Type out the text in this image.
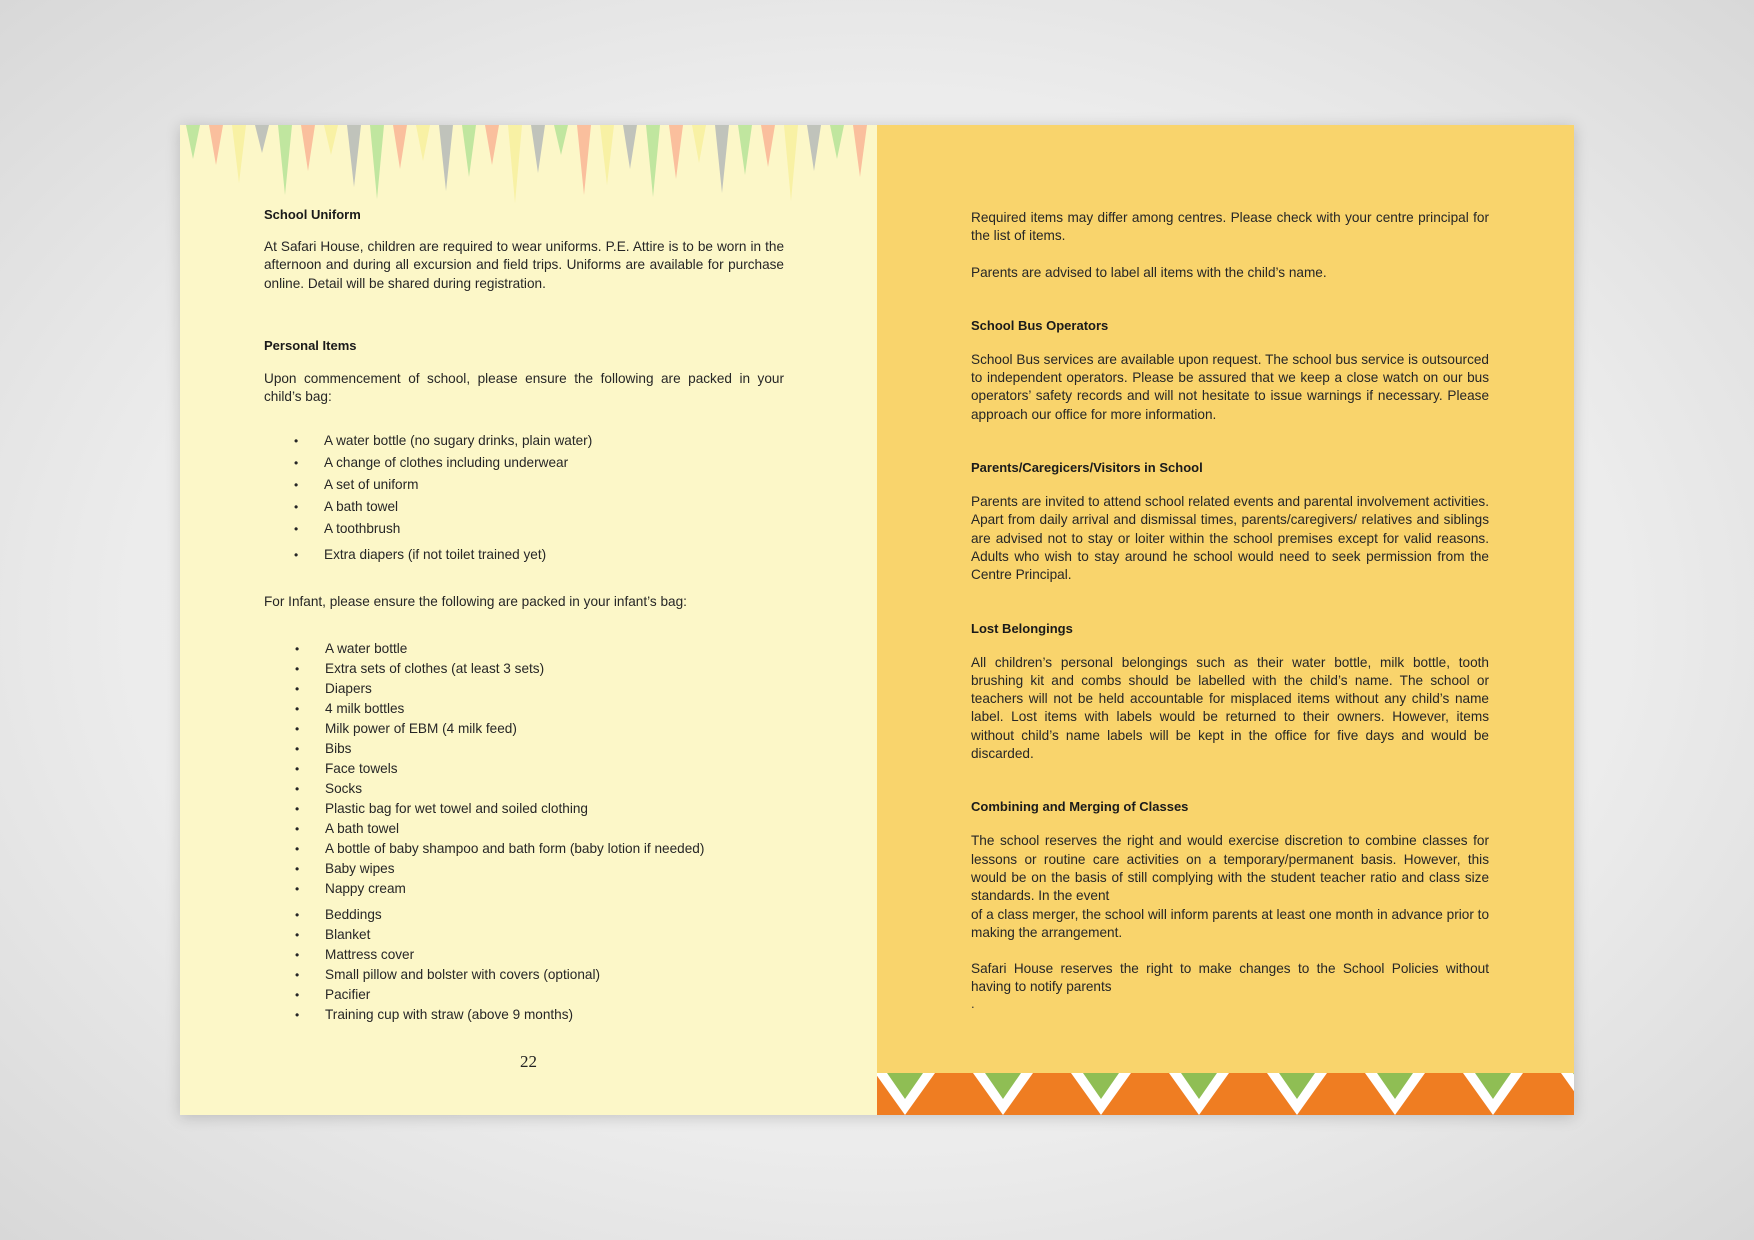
School Uniform

At Safari House, children are required to wear uniforms. P.E. Attire is to be worn in the afternoon and during all excursion and field trips. Uniforms are available for purchase online. Detail will be shared during registration.

Personal Items

Upon commencement of school, please ensure the following are packed in your child’s bag:

• A water bottle (no sugary drinks, plain water)
• A change of clothes including underwear
• A set of uniform
• A bath towel
• A toothbrush
• Extra diapers (if not toilet trained yet)

For Infant, please ensure the following are packed in your infant’s bag:

• A water bottle
• Extra sets of clothes (at least 3 sets)
• Diapers
• 4 milk bottles
• Milk power of EBM (4 milk feed)
• Bibs
• Face towels
• Socks
• Plastic bag for wet towel and soiled clothing
• A bath towel
• A bottle of baby shampoo and bath form (baby lotion if needed)
• Baby wipes
• Nappy cream
• Beddings
• Blanket
• Mattress cover
• Small pillow and bolster with covers (optional)
• Pacifier
• Training cup with straw (above 9 months)
22

Required items may differ among centres. Please check with your centre principal for the list of items.

Parents are advised to label all items with the child’s name.

School Bus Operators

School Bus services are available upon request. The school bus service is outsourced to independent operators. Please be assured that we keep a close watch on our bus operators’ safety records and will not hesitate to issue warnings if necessary. Please approach our office for more information.

Parents/Caregicers/Visitors in School

Parents are invited to attend school related events and parental involvement activities. Apart from daily arrival and dismissal times, parents/caregivers/ relatives and siblings are advised not to stay or loiter within the school premises except for valid reasons. Adults who wish to stay around he school would need to seek permission from the Centre Principal.

Lost Belongings

All children’s personal belongings such as their water bottle, milk bottle, tooth brushing kit and combs should be labelled with the child’s name. The school or teachers will not be held accountable for misplaced items without any child’s name label. Lost items with labels would be returned to their owners. However, items without child’s name labels will be kept in the office for five days and would be discarded.

Combining and Merging of Classes

The school reserves the right and would exercise discretion to combine classes for lessons or routine care activities on a temporary/permanent basis. However, this would be on the basis of still complying with the student teacher ratio and class size standards. In the event

of a class merger, the school will inform parents at least one month in advance prior to making the arrangement.

Safari House reserves the right to make changes to the School Policies without having to notify parents

.
